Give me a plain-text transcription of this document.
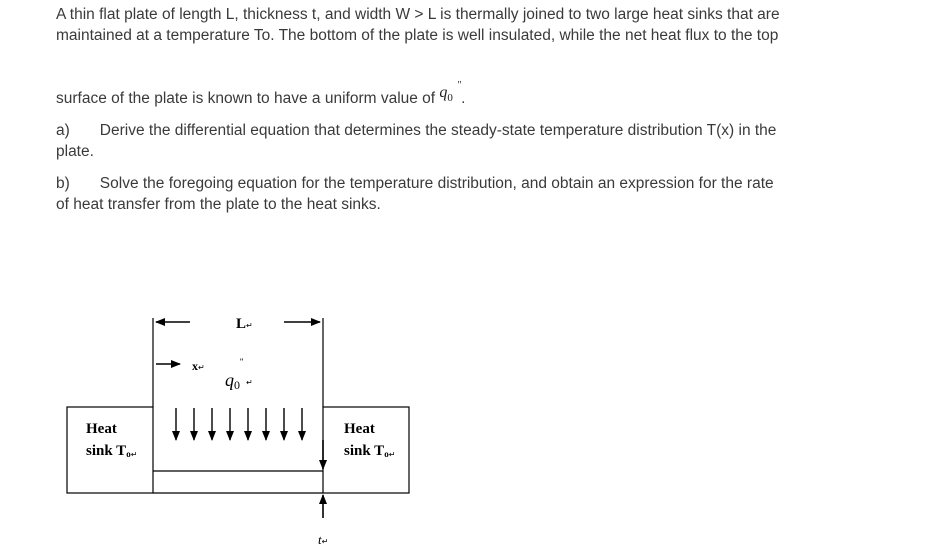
A thin flat plate of length L, thickness t, and width W > L is thermally joined to two large heat sinks that are
maintained at a temperature To. The bottom of the plate is well insulated, while the net heat flux to the top
surface of the plate is known to have a uniform value of $q_0$ ".
a) Derive the differential equation that determines the steady-state temperature distribution T(x) in the
plate.
b) Solve the foregoing equation for the temperature distribution, and obtain an expression for the rate
of heat transfer from the plate to the heat sinks.
L↵
x↵
q0 ↵
"
t↵
Heat
sink To↵
Heat
sink To↵
